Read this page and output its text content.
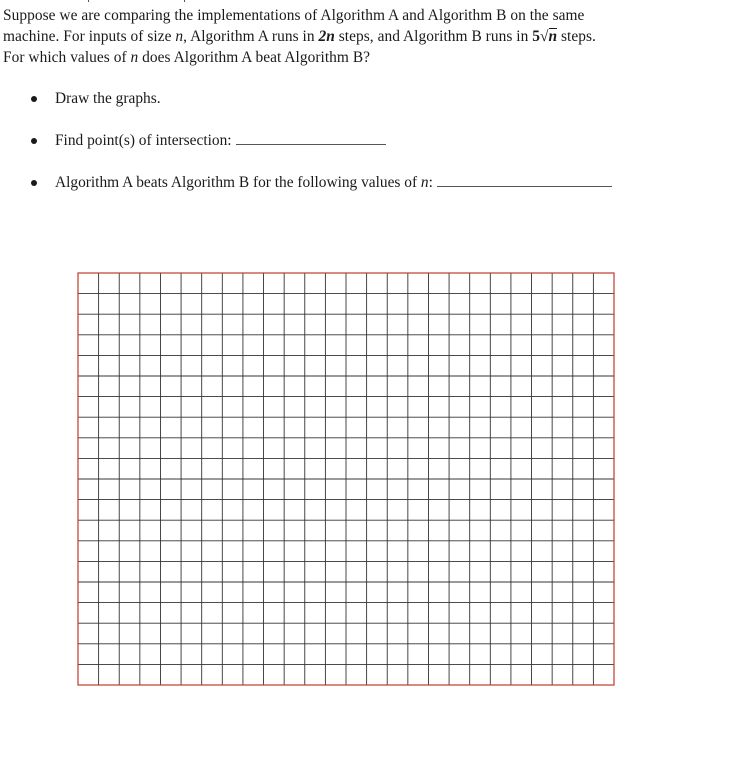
Suppose we are comparing the implementations of Algorithm A and Algorithm B on the same
machine. For inputs of size n, Algorithm A runs in 2n steps, and Algorithm B runs in 5√n steps.
For which values of n does Algorithm A beat Algorithm B?
Draw the graphs.
Find point(s) of intersection:
Algorithm A beats Algorithm B for the following values of n:
